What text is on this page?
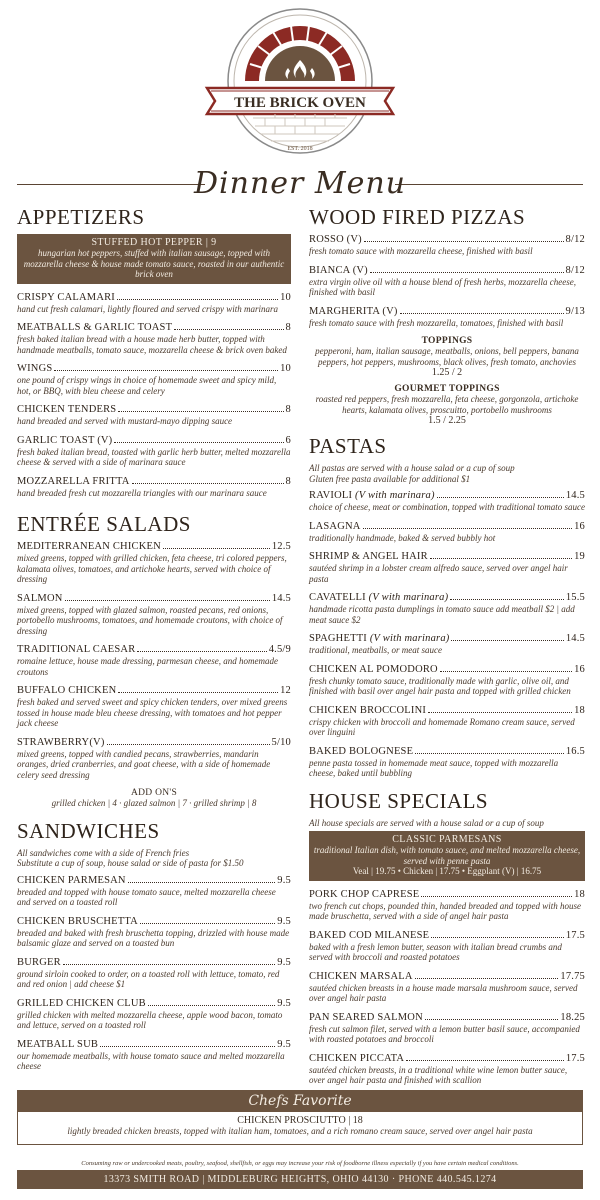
THE BRICK OVEN
EST. 2018
Dinner Menu
APPETIZERS
STUFFED HOT PEPPER | 9
hungarian hot peppers, stuffed with italian sausage, topped with mozzarella cheese & house made tomato sauce, roasted in our authentic brick oven
CRISPY CALAMARI	10
hand cut fresh calamari, lightly floured and served crispy with marinara
MEATBALLS & GARLIC TOAST	8
fresh baked italian bread with a house made herb butter, topped with handmade meatballs, tomato sauce, mozzarella cheese & brick oven baked
WINGS	10
one pound of crispy wings in choice of homemade sweet and spicy mild, hot, or BBQ, with bleu cheese and celery
CHICKEN TENDERS	8
hand breaded and served with mustard-mayo dipping sauce
GARLIC TOAST (V)	6
fresh baked italian bread, toasted with garlic herb butter, melted mozzarella cheese & served with a side of marinara sauce
MOZZARELLA FRITTA	8
hand breaded fresh cut mozzarella triangles with our marinara sauce
ENTRÉE SALADS
MEDITERRANEAN CHICKEN	12.5
mixed greens, topped with grilled chicken, feta cheese, tri colored peppers, kalamata olives, tomatoes, and artichoke hearts, served with choice of dressing
SALMON	14.5
mixed greens, topped with glazed salmon, roasted pecans, red onions, portobello mushrooms, tomatoes, and homemade croutons, with choice of dressing
TRADITIONAL CAESAR	4.5/9
romaine lettuce, house made dressing, parmesan cheese, and homemade croutons
BUFFALO CHICKEN	12
fresh baked and served sweet and spicy chicken tenders, over mixed greens tossed in house made bleu cheese dressing, with tomatoes and hot pepper jack cheese
STRAWBERRY(V)	5/10
mixed greens, topped with candied pecans, strawberries, mandarin oranges, dried cranberries, and goat cheese, with a side of homemade celery seed dressing
ADD ON'S
grilled chicken | 4 · glazed salmon | 7 · grilled shrimp | 8
SANDWICHES
All sandwiches come with a side of French fries
Substitute a cup of soup, house salad or side of pasta for $1.50
CHICKEN PARMESAN	9.5
breaded and topped with house tomato sauce, melted mozzarella cheese and served on a toasted roll
CHICKEN BRUSCHETTA	9.5
breaded and baked with fresh bruschetta topping, drizzled with house made balsamic glaze and served on a toasted bun
BURGER	9.5
ground sirloin cooked to order, on a toasted roll with lettuce, tomato, red and red onion | add cheese $1
GRILLED CHICKEN CLUB	9.5
grilled chicken with melted mozzarella cheese, apple wood bacon, tomato and lettuce, served on a toasted roll
MEATBALL SUB	9.5
our homemade meatballs, with house tomato sauce and melted mozzarella cheese
WOOD FIRED PIZZAS
ROSSO (V)	8/12
fresh tomato sauce with mozzarella cheese, finished with basil
BIANCA (V)	8/12
extra virgin olive oil with a house blend of fresh herbs, mozzarella cheese, finished with basil
MARGHERITA (V)	9/13
fresh tomato sauce with fresh mozzarella, tomatoes, finished with basil
TOPPINGS
pepperoni, ham, italian sausage, meatballs, onions, bell peppers, banana peppers, hot peppers, mushrooms, black olives, fresh tomato, anchovies
1.25 / 2
GOURMET TOPPINGS
roasted red peppers, fresh mozzarella, feta cheese, gorgonzola, artichoke hearts, kalamata olives, proscuitto, portobello mushrooms
1.5 / 2.25
PASTAS
All pastas are served with a house salad or a cup of soup
Gluten free pasta available for additional $1
RAVIOLI (V with marinara)	14.5
choice of cheese, meat or combination, topped with traditional tomato sauce
LASAGNA	16
traditionally handmade, baked & served bubbly hot
SHRIMP & ANGEL HAIR	19
sautéed shrimp in a lobster cream alfredo sauce, served over angel hair pasta
CAVATELLI (V with marinara)	15.5
handmade ricotta pasta dumplings in tomato sauce add meatball $2 | add meat sauce $2
SPAGHETTI (V with marinara)	14.5
traditional, meatballs, or meat sauce
CHICKEN AL POMODORO	16
fresh chunky tomato sauce, traditionally made with garlic, olive oil, and finished with basil over angel hair pasta and topped with grilled chicken
CHICKEN BROCCOLINI	18
crispy chicken with broccoli and homemade Romano cream sauce, served over linguini
BAKED BOLOGNESE	16.5
penne pasta tossed in homemade meat sauce, topped with mozzarella cheese, baked until bubbling
HOUSE SPECIALS
All house specials are served with a house salad or a cup of soup
CLASSIC PARMESANS
traditional Italian dish, with tomato sauce, and melted mozzarella cheese, served with penne pasta
Veal | 19.75 • Chicken | 17.75 • Eggplant (V) | 16.75
PORK CHOP CAPRESE	18
two french cut chops, pounded thin, handed breaded and topped with house made bruschetta, served with a side of angel hair pasta
BAKED COD MILANESE	17.5
baked with a fresh lemon butter, season with italian bread crumbs and served with broccoli and roasted potatoes
CHICKEN MARSALA	17.75
sautéed chicken breasts in a house made marsala mushroom sauce, served over angel hair pasta
PAN SEARED SALMON	18.25
fresh cut salmon filet, served with a lemon butter basil sauce, accompanied with roasted potatoes and broccoli
CHICKEN PICCATA	17.5
sautéed chicken breasts, in a traditional white wine lemon butter sauce, over angel hair pasta and finished with scallion
Chefs Favorite
CHICKEN PROSCIUTTO | 18
lightly breaded chicken breasts, topped with italian ham, tomatoes, and a rich romano cream sauce, served over angel hair pasta
Consuming raw or undercooked meats, poultry, seafood, shellfish, or eggs may increase your risk of foodborne illness especially if you have certain medical conditions.
13373 SMITH ROAD | MIDDLEBURG HEIGHTS, OHIO 44130 · PHONE 440.545.1274
